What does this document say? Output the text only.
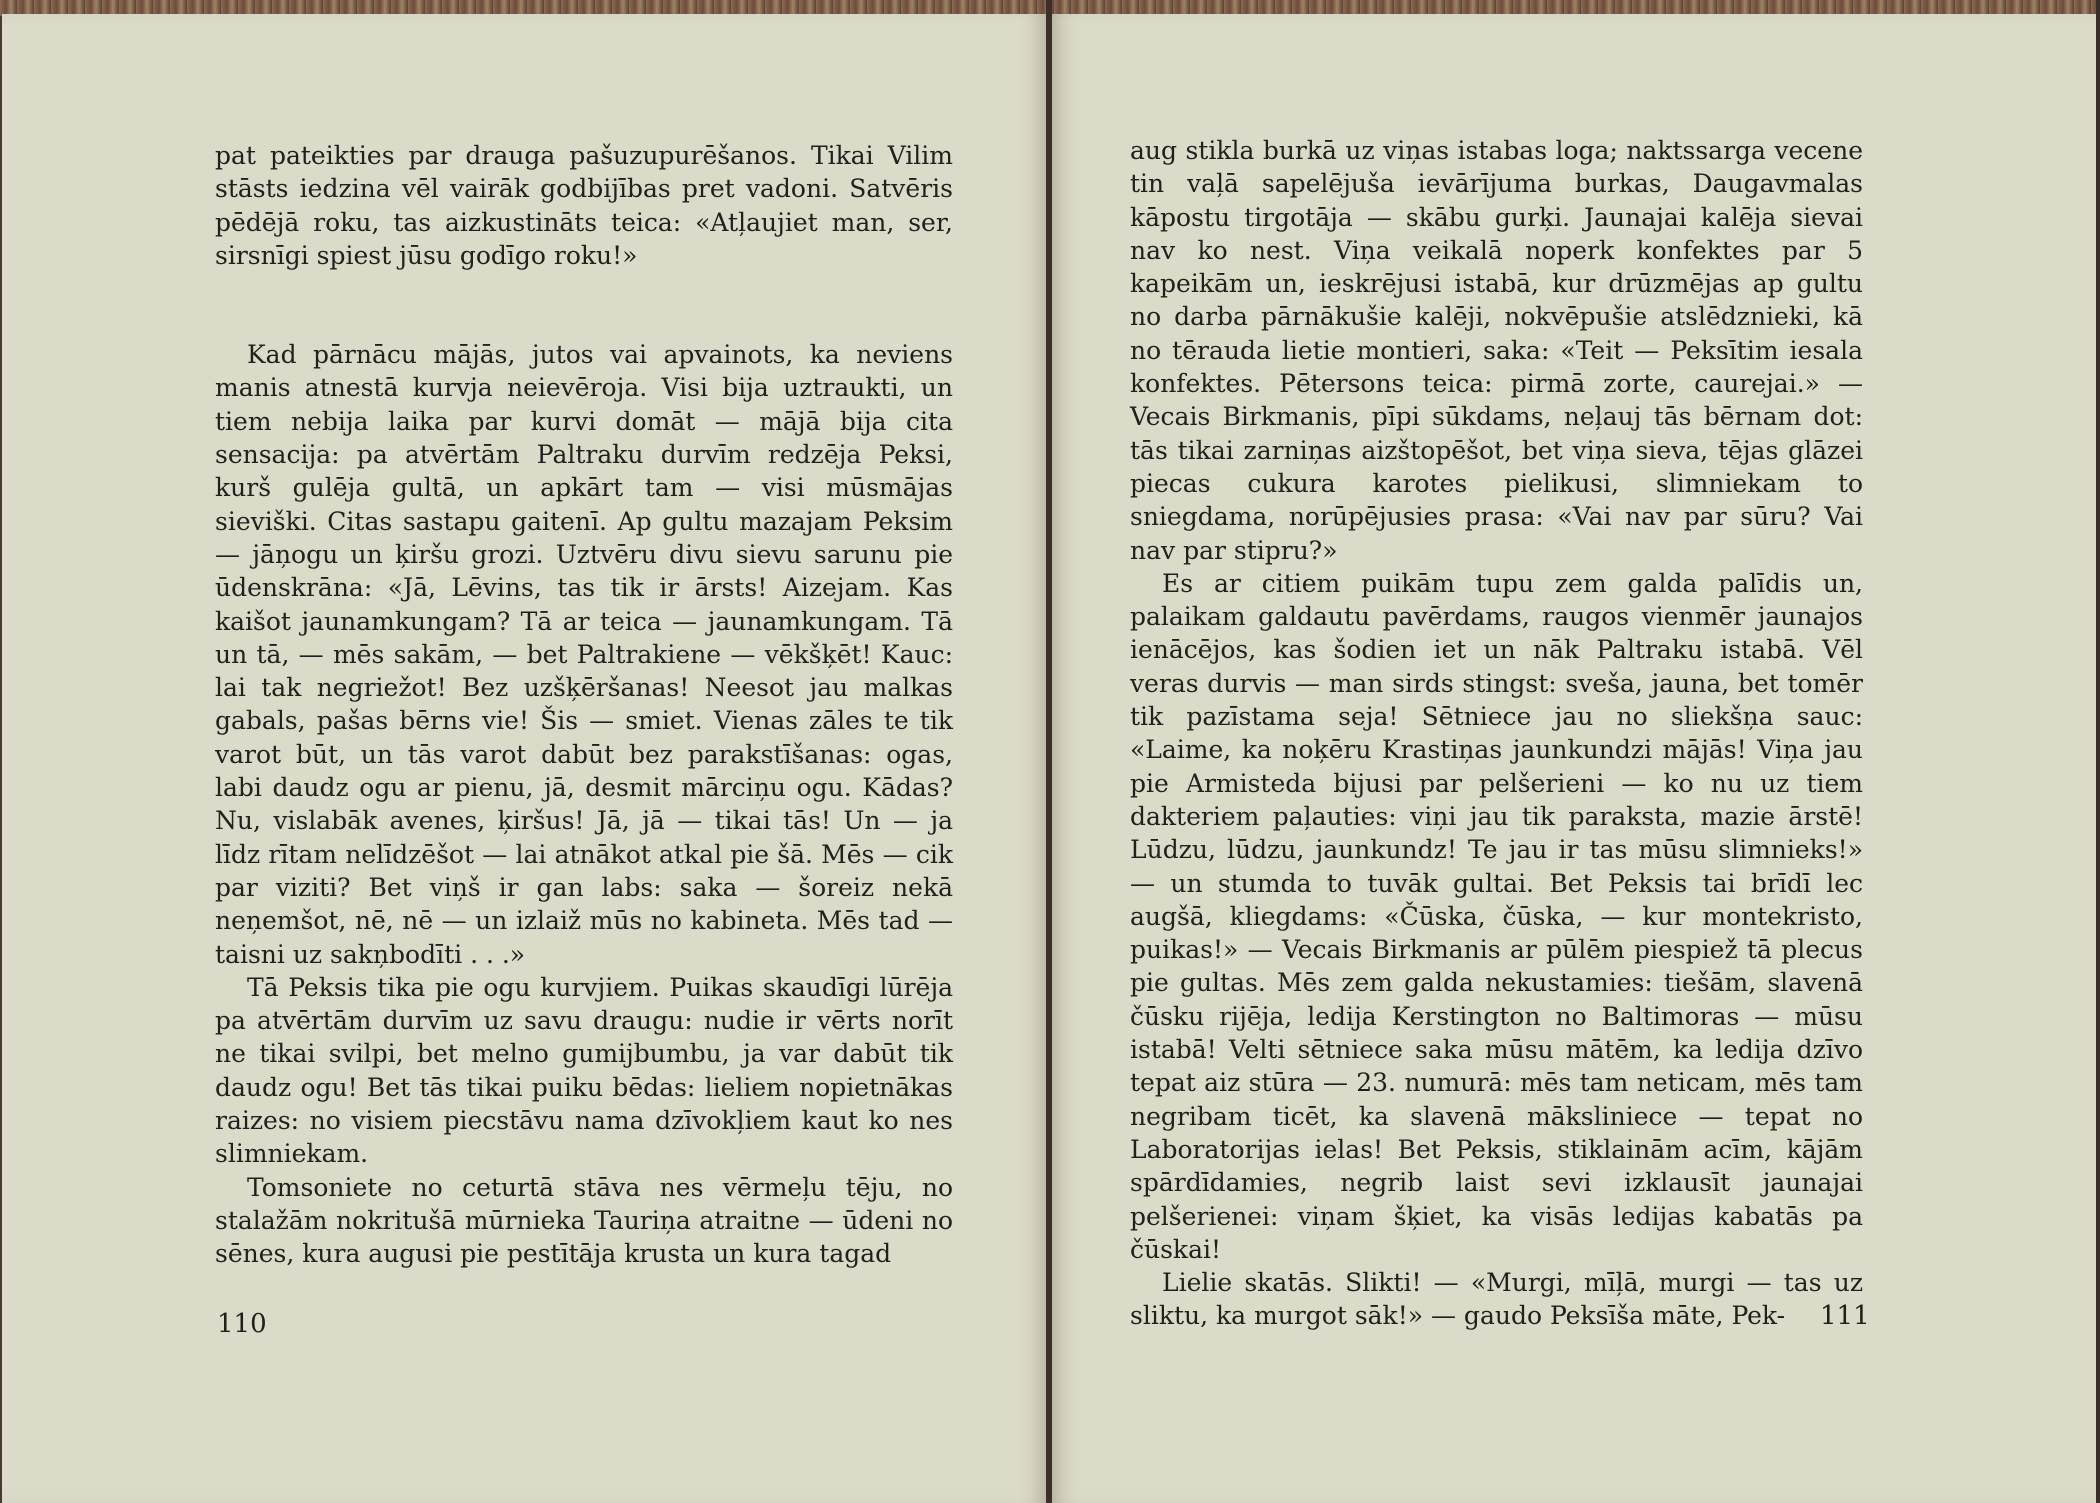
pat pateikties par drauga pašuzupurēšanos. Tikai Vilim stāsts iedzina vēl vairāk godbijības pret vadoni. Satvēris pēdējā roku, tas aizkustināts teica: «Atļaujiet man, ser, sirsnīgi spiest jūsu godīgo roku!»

Kad pārnācu mājās, jutos vai apvainots, ka neviens manis atnestā kurvja neievēroja. Visi bija uztraukti, un tiem nebija laika par kurvi domāt — mājā bija cita sensacija: pa atvērtām Paltraku durvīm redzēja Peksi, kurš gulēja gultā, un apkārt tam — visi mūsmājas sieviški. Citas sastapu gaitenī. Ap gultu mazajam Peksim — jāņogu un ķiršu grozi. Uztvēru divu sievu sarunu pie ūdenskrāna: «Jā, Lēvins, tas tik ir ārsts! Aizejam. Kas kaišot jaunamkungam? Tā ar teica — jaunamkungam. Tā un tā, — mēs sakām, — bet Paltrakiene — vēkšķēt! Kauc: lai tak negriežot! Bez uzšķēršanas! Neesot jau malkas gabals, pašas bērns vie! Šis — smiet. Vienas zāles te tik varot būt, un tās varot dabūt bez parakstīšanas: ogas, labi daudz ogu ar pienu, jā, desmit mārciņu ogu. Kādas? Nu, vislabāk avenes, ķiršus! Jā, jā — tikai tās! Un — ja līdz rītam nelīdzēšot — lai atnākot atkal pie šā. Mēs — cik par viziti? Bet viņš ir gan labs: saka — šoreiz nekā neņemšot, nē, nē — un izlaiž mūs no kabineta. Mēs tad — taisni uz sakņbodīti . . .»

Tā Peksis tika pie ogu kurvjiem. Puikas skaudīgi lūrēja pa atvērtām durvīm uz savu draugu: nudie ir vērts norīt ne tikai svilpi, bet melno gumijbumbu, ja var dabūt tik daudz ogu! Bet tās tikai puiku bēdas: lieliem nopietnākas raizes: no visiem piecstāvu nama dzīvokļiem kaut ko nes slimniekam.

Tomsoniete no ceturtā stāva nes vērmeļu tēju, no stalažām nokritušā mūrnieka Tauriņa atraitne — ūdeni no sēnes, kura augusi pie pestītāja krusta un kura tagad

110

aug stikla burkā uz viņas istabas loga; naktssarga vecene tin vaļā sapelējuša ievārījuma burkas, Daugavmalas kāpostu tirgotāja — skābu gurķi. Jaunajai kalēja sievai nav ko nest. Viņa veikalā noperk konfektes par 5 kapeikām un, ieskrējusi istabā, kur drūzmējas ap gultu no darba pārnākušie kalēji, nokvēpušie atslēdznieki, kā no tērauda lietie montieri, saka: «Teit — Peksītim iesala konfektes. Pētersons teica: pirmā zorte, caurejai.» — Vecais Birkmanis, pīpi sūkdams, neļauj tās bērnam dot: tās tikai zarniņas aizštopēšot, bet viņa sieva, tējas glāzei piecas cukura karotes pielikusi, slimniekam to sniegdama, norūpējusies prasa: «Vai nav par sūru? Vai nav par stipru?»

Es ar citiem puikām tupu zem galda palīdis un, palaikam galdautu pavērdams, raugos vienmēr jaunajos ienācējos, kas šodien iet un nāk Paltraku istabā. Vēl veras durvis — man sirds stingst: sveša, jauna, bet tomēr tik pazīstama seja! Sētniece jau no sliekšņa sauc: «Laime, ka noķēru Krastiņas jaunkundzi mājās! Viņa jau pie Armisteda bijusi par pelšerieni — ko nu uz tiem dakteriem paļauties: viņi jau tik paraksta, mazie ārstē! Lūdzu, lūdzu, jaunkundz! Te jau ir tas mūsu slimnieks!» — un stumda to tuvāk gultai. Bet Peksis tai brīdī lec augšā, kliegdams: «Čūska, čūska, — kur montekristo, puikas!» — Vecais Birkmanis ar pūlēm piespiež tā plecus pie gultas. Mēs zem galda nekustamies: tiešām, slavenā čūsku rijēja, ledija Kerstington no Baltimoras — mūsu istabā! Velti sētniece saka mūsu mātēm, ka ledija dzīvo tepat aiz stūra — 23. numurā: mēs tam neticam, mēs tam negribam ticēt, ka slavenā māksliniece — tepat no Laboratorijas ielas! Bet Peksis, stiklainām acīm, kājām spārdīdamies, negrib laist sevi izklausīt jaunajai pelšerienei: viņam šķiet, ka visās ledijas kabatās pa čūskai!

Lielie skatās. Slikti! — «Murgi, mīļā, murgi — tas uz sliktu, ka murgot sāk!» — gaudo Peksīša māte, Pek-	111
